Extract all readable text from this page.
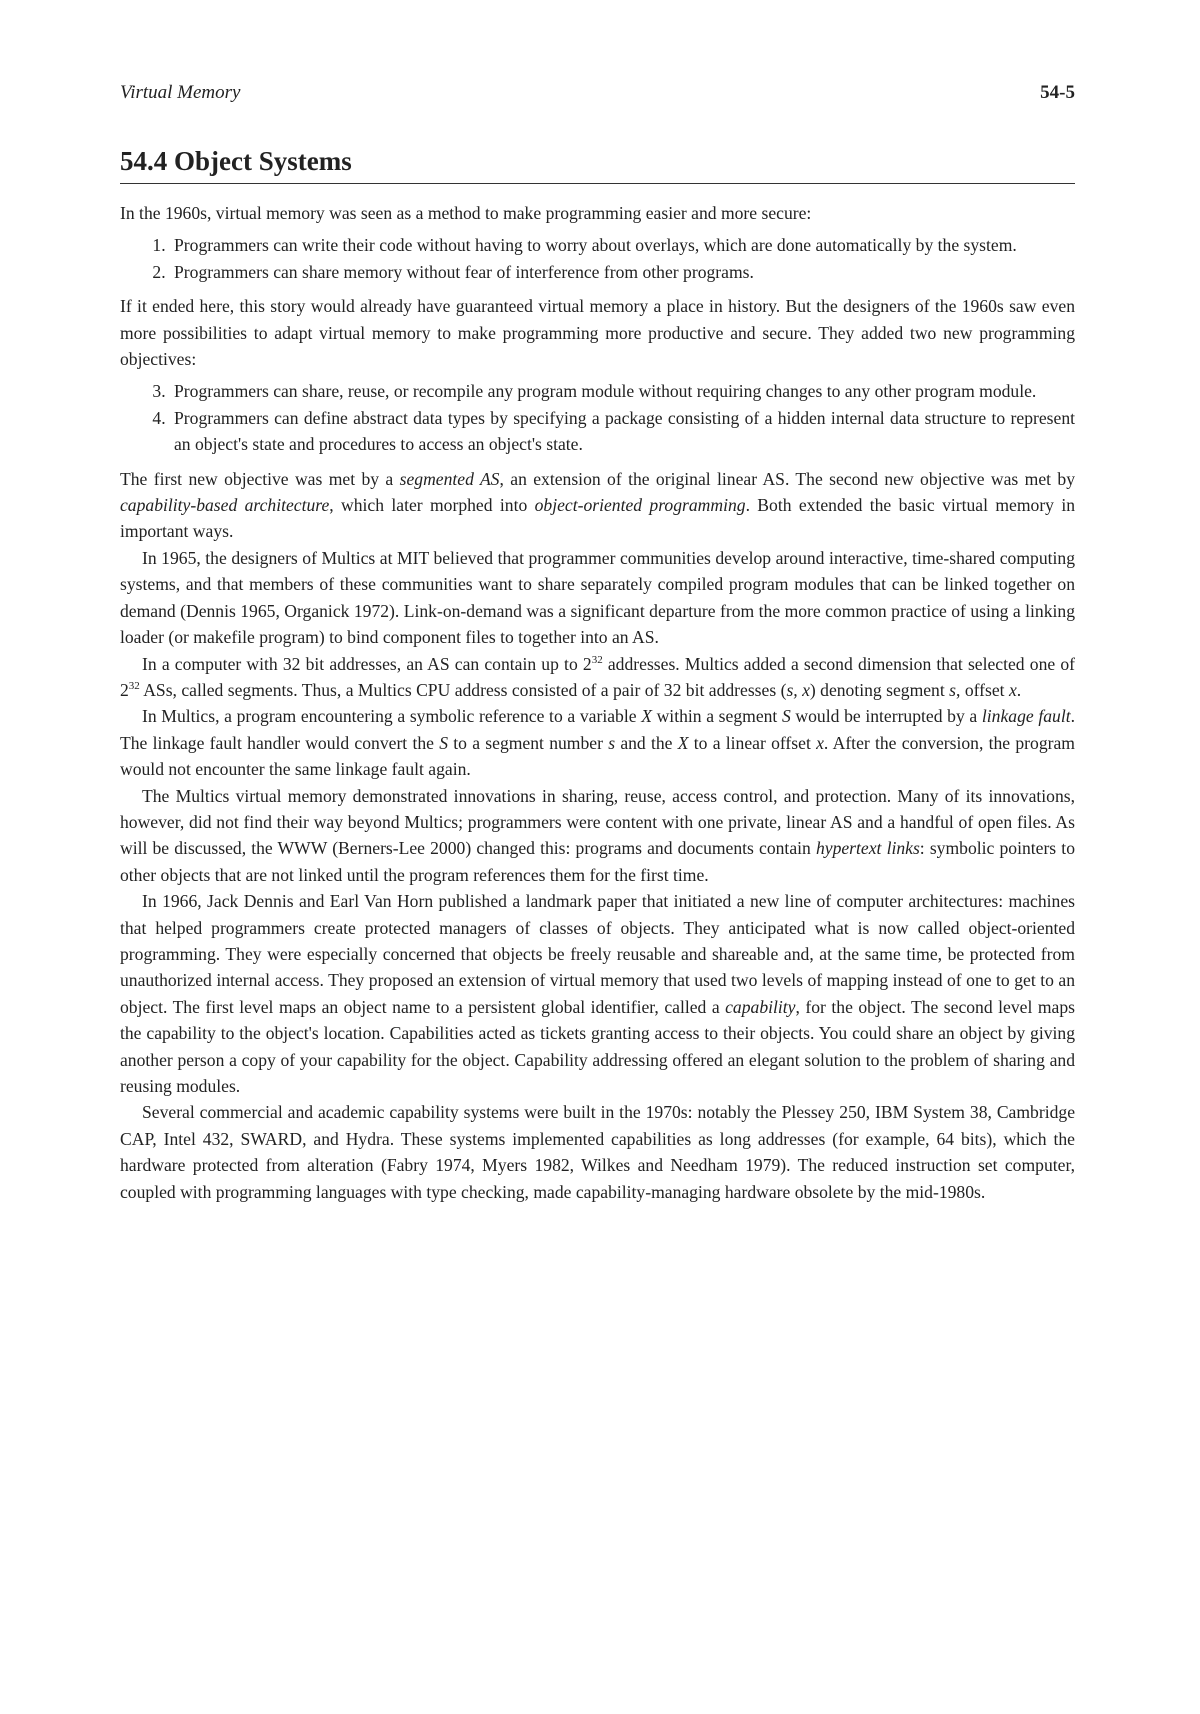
Virtual Memory	54-5
54.4 Object Systems

In the 1960s, virtual memory was seen as a method to make programming easier and more secure:

1. Programmers can write their code without having to worry about overlays, which are done automatically by the system.
2. Programmers can share memory without fear of interference from other programs.

If it ended here, this story would already have guaranteed virtual memory a place in history. But the designers of the 1960s saw even more possibilities to adapt virtual memory to make programming more productive and secure. They added two new programming objectives:

3. Programmers can share, reuse, or recompile any program module without requiring changes to any other program module.
4. Programmers can define abstract data types by specifying a package consisting of a hidden internal data structure to represent an object's state and procedures to access an object's state.

The first new objective was met by a segmented AS, an extension of the original linear AS. The second new objective was met by capability-based architecture, which later morphed into object-oriented programming. Both extended the basic virtual memory in important ways.

In 1965, the designers of Multics at MIT believed that programmer communities develop around interactive, time-shared computing systems, and that members of these communities want to share separately compiled program modules that can be linked together on demand (Dennis 1965, Organick 1972). Link-on-demand was a significant departure from the more common practice of using a linking loader (or makefile program) to bind component files to together into an AS.

In a computer with 32 bit addresses, an AS can contain up to $2^{32}$ addresses. Multics added a second dimension that selected one of $2^{32}$ ASs, called segments. Thus, a Multics CPU address consisted of a pair of 32 bit addresses (s, x) denoting segment s, offset x.

In Multics, a program encountering a symbolic reference to a variable X within a segment S would be interrupted by a linkage fault. The linkage fault handler would convert the S to a segment number s and the X to a linear offset x. After the conversion, the program would not encounter the same linkage fault again.

The Multics virtual memory demonstrated innovations in sharing, reuse, access control, and protection. Many of its innovations, however, did not find their way beyond Multics; programmers were content with one private, linear AS and a handful of open files. As will be discussed, the WWW (Berners-Lee 2000) changed this: programs and documents contain hypertext links: symbolic pointers to other objects that are not linked until the program references them for the first time.

In 1966, Jack Dennis and Earl Van Horn published a landmark paper that initiated a new line of computer architectures: machines that helped programmers create protected managers of classes of objects. They anticipated what is now called object-oriented programming. They were especially concerned that objects be freely reusable and shareable and, at the same time, be protected from unauthorized internal access. They proposed an extension of virtual memory that used two levels of mapping instead of one to get to an object. The first level maps an object name to a persistent global identifier, called a capability, for the object. The second level maps the capability to the object's location. Capabilities acted as tickets granting access to their objects. You could share an object by giving another person a copy of your capability for the object. Capability addressing offered an elegant solution to the problem of sharing and reusing modules.

Several commercial and academic capability systems were built in the 1970s: notably the Plessey 250, IBM System 38, Cambridge CAP, Intel 432, SWARD, and Hydra. These systems implemented capabilities as long addresses (for example, 64 bits), which the hardware protected from alteration (Fabry 1974, Myers 1982, Wilkes and Needham 1979). The reduced instruction set computer, coupled with programming languages with type checking, made capability-managing hardware obsolete by the mid-1980s.
